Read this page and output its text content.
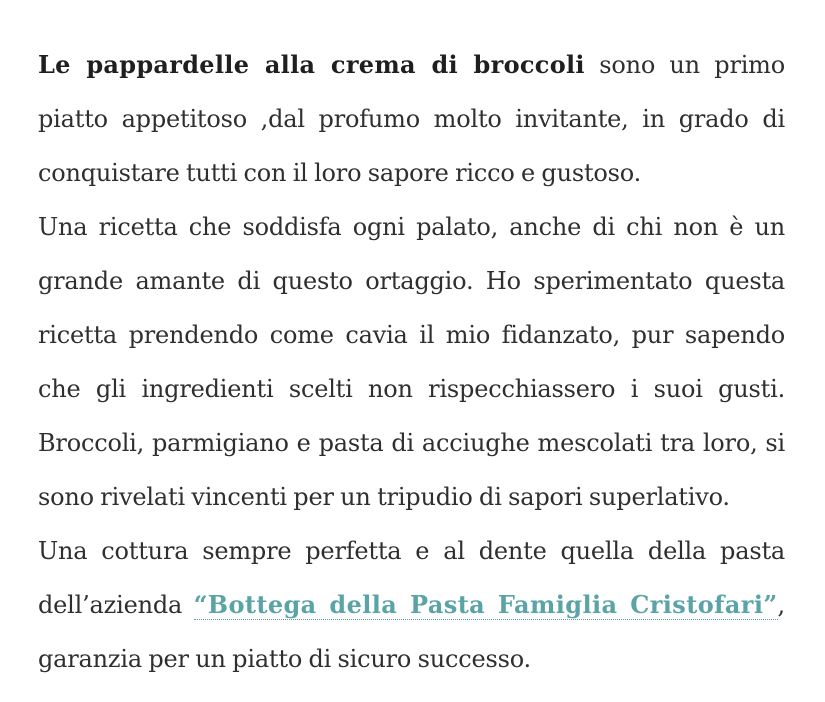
Le pappardelle alla crema di broccoli sono un primo piatto appetitoso ,dal profumo molto invitante, in grado di conquistare tutti con il loro sapore ricco e gustoso.

Una ricetta che soddisfa ogni palato, anche di chi non è un grande amante di questo ortaggio. Ho sperimentato questa ricetta prendendo come cavia il mio fidanzato, pur sapendo che gli ingredienti scelti non rispecchiassero i suoi gusti. Broccoli, parmigiano e pasta di acciughe mescolati tra loro, si sono rivelati vincenti per un tripudio di sapori superlativo.

Una cottura sempre perfetta e al dente quella della pasta dell’azienda “Bottega della Pasta Famiglia Cristofari”, garanzia per un piatto di sicuro successo.
